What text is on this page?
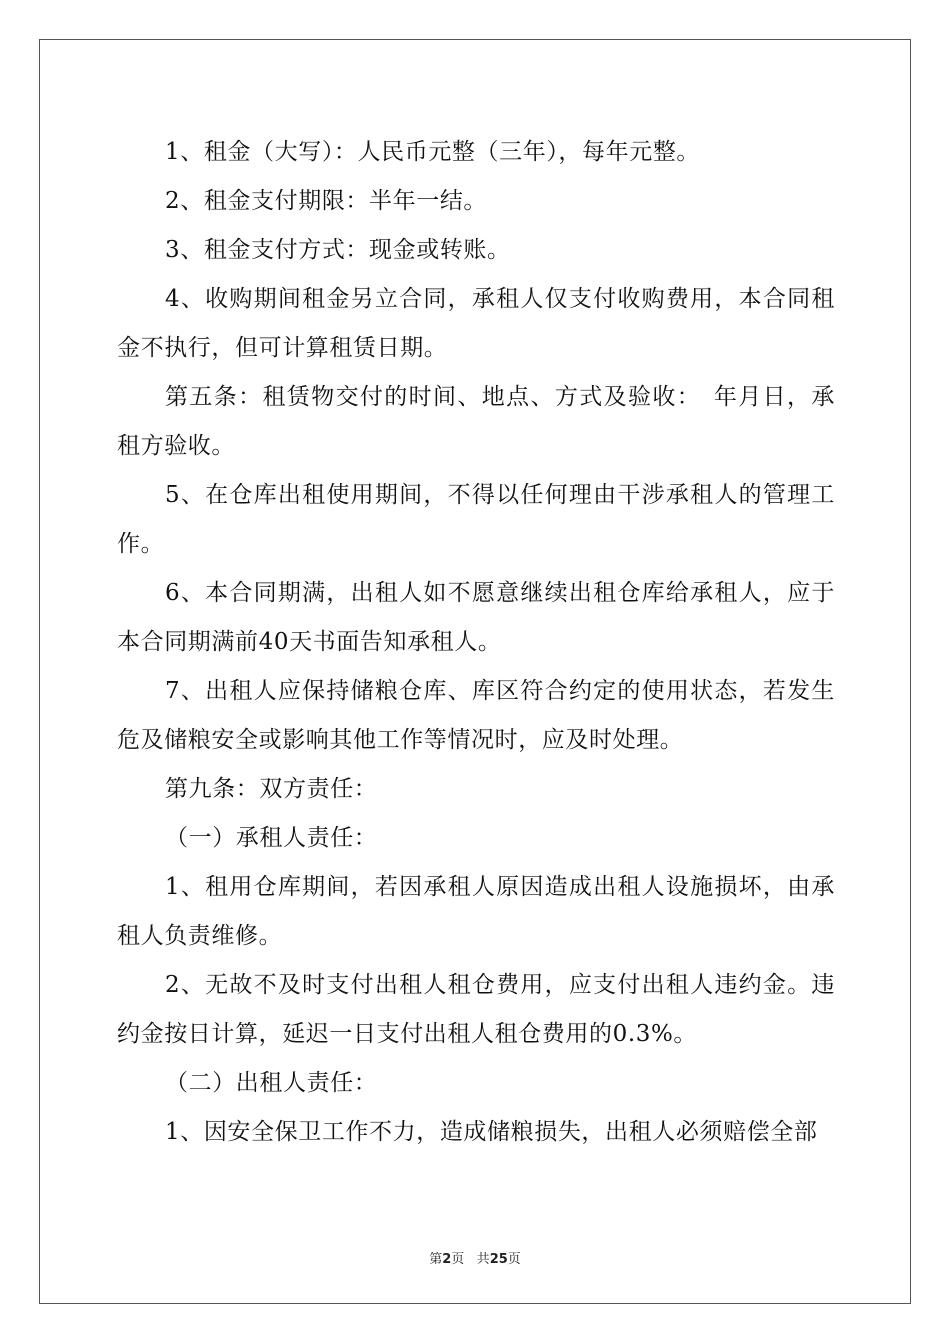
1、租金（大写）：人民币元整（三年），每年元整。

2、租金支付期限：半年一结。

3、租金支付方式：现金或转账。

4、收购期间租金另立合同，承租人仅支付收购费用，本合同租金不执行，但可计算租赁日期。

第五条：租赁物交付的时间、地点、方式及验收：　年月日，承租方验收。

5、在仓库出租使用期间，不得以任何理由干涉承租人的管理工作。

6、本合同期满，出租人如不愿意继续出租仓库给承租人，应于本合同期满前40天书面告知承租人。

7、出租人应保持储粮仓库、库区符合约定的使用状态，若发生危及储粮安全或影响其他工作等情况时，应及时处理。

第九条：双方责任：

（一）承租人责任：

1、租用仓库期间，若因承租人原因造成出租人设施损坏，由承租人负责维修。

2、无故不及时支付出租人租仓费用，应支付出租人违约金。违约金按日计算，延迟一日支付出租人租仓费用的0.3%。

（二）出租人责任：

1、因安全保卫工作不力，造成储粮损失，出租人必须赔偿全部

第2页 共25页
